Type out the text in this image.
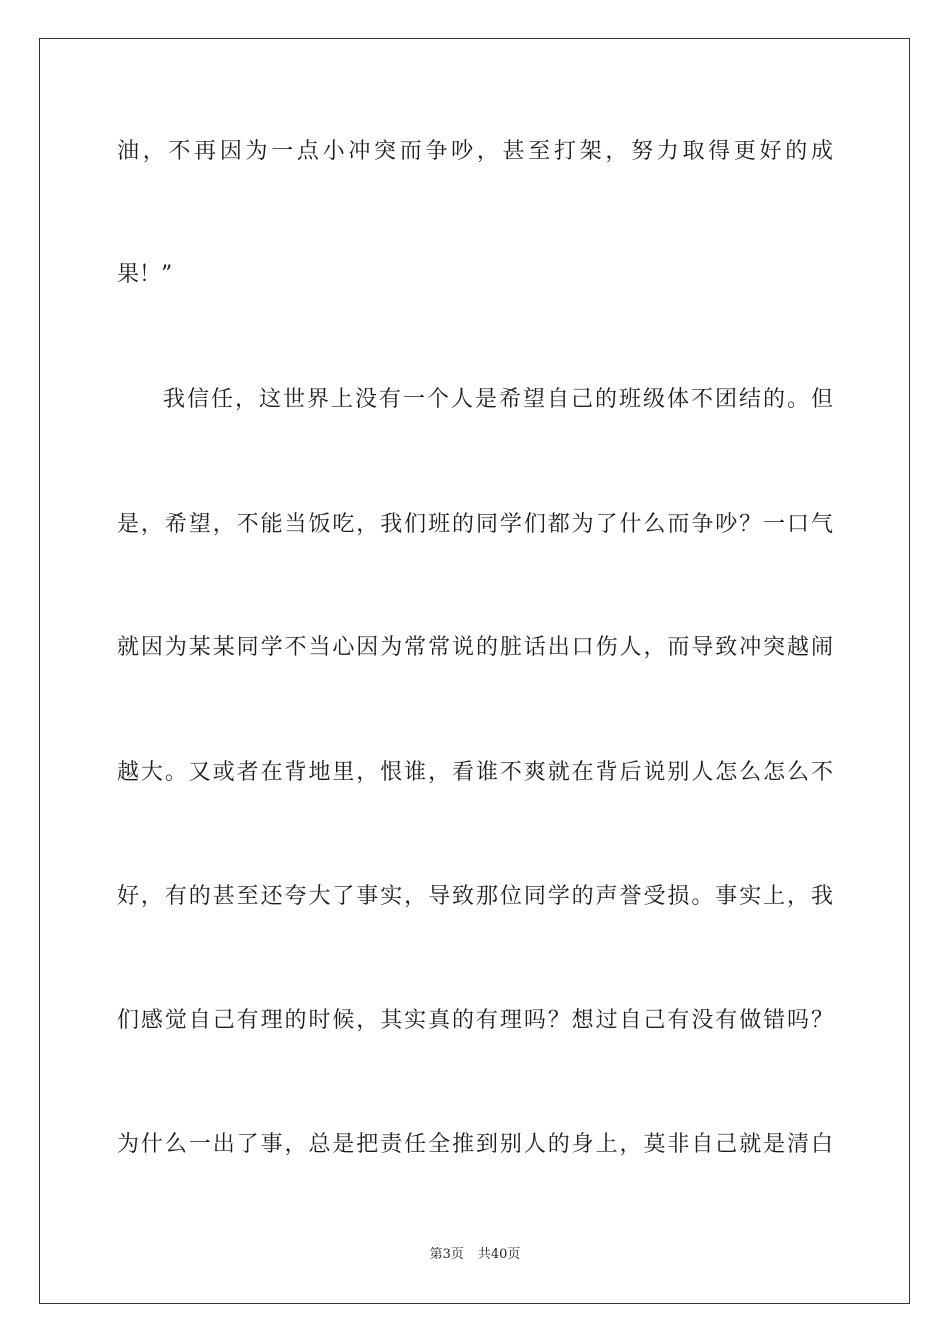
油，不再因为一点小冲突而争吵，甚至打架，努力取得更好的成
果！”
我信任，这世界上没有一个人是希望自己的班级体不团结的。但
是，希望，不能当饭吃，我们班的同学们都为了什么而争吵？一口气
就因为某某同学不当心因为常常说的脏话出口伤人，而导致冲突越闹
越大。又或者在背地里，恨谁，看谁不爽就在背后说别人怎么怎么不
好，有的甚至还夸大了事实，导致那位同学的声誉受损。事实上，我
们感觉自己有理的时候，其实真的有理吗？想过自己有没有做错吗？
为什么一出了事，总是把责任全推到别人的身上，莫非自己就是清白
第3页 共40页
